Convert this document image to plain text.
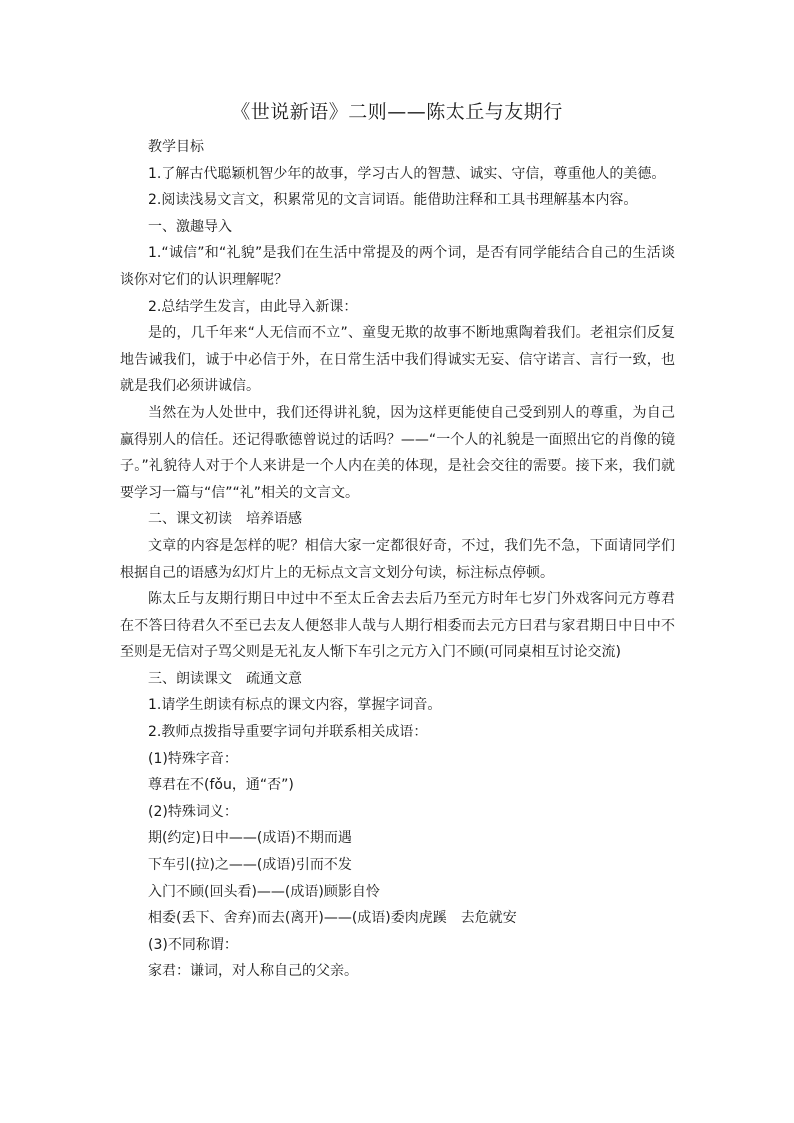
《世说新语》二则——陈太丘与友期行

教学目标

1.了解古代聪颖机智少年的故事，学习古人的智慧、诚实、守信，尊重他人的美德。

2.阅读浅易文言文，积累常见的文言词语。能借助注释和工具书理解基本内容。

一、激趣导入

1.“诚信”和“礼貌”是我们在生活中常提及的两个词，是否有同学能结合自己的生活谈谈你对它们的认识理解呢？

2.总结学生发言，由此导入新课：

是的，几千年来“人无信而不立”、童叟无欺的故事不断地熏陶着我们。老祖宗们反复地告诫我们，诚于中必信于外，在日常生活中我们得诚实无妄、信守诺言、言行一致，也就是我们必须讲诚信。

当然在为人处世中，我们还得讲礼貌，因为这样更能使自己受到别人的尊重，为自己赢得别人的信任。还记得歌德曾说过的话吗？——“一个人的礼貌是一面照出它的肖像的镜子。”礼貌待人对于个人来讲是一个人内在美的体现，是社会交往的需要。接下来，我们就要学习一篇与“信”“礼”相关的文言文。

二、课文初读　培养语感

文章的内容是怎样的呢？相信大家一定都很好奇，不过，我们先不急，下面请同学们根据自己的语感为幻灯片上的无标点文言文划分句读，标注标点停顿。

陈太丘与友期行期日中过中不至太丘舍去去后乃至元方时年七岁门外戏客问元方尊君在不答曰待君久不至已去友人便怒非人哉与人期行相委而去元方曰君与家君期日中日中不至则是无信对子骂父则是无礼友人惭下车引之元方入门不顾(可同桌相互讨论交流)

三、朗读课文　疏通文意

1.请学生朗读有标点的课文内容，掌握字词音。

2.教师点拨指导重要字词句并联系相关成语：

(1)特殊字音：

尊君在不(fǒu，通“否”)

(2)特殊词义：

期(约定)日中——(成语)不期而遇

下车引(拉)之——(成语)引而不发

入门不顾(回头看)——(成语)顾影自怜

相委(丢下、舍弃)而去(离开)——(成语)委肉虎蹊　去危就安

(3)不同称谓：

家君：谦词，对人称自己的父亲。
